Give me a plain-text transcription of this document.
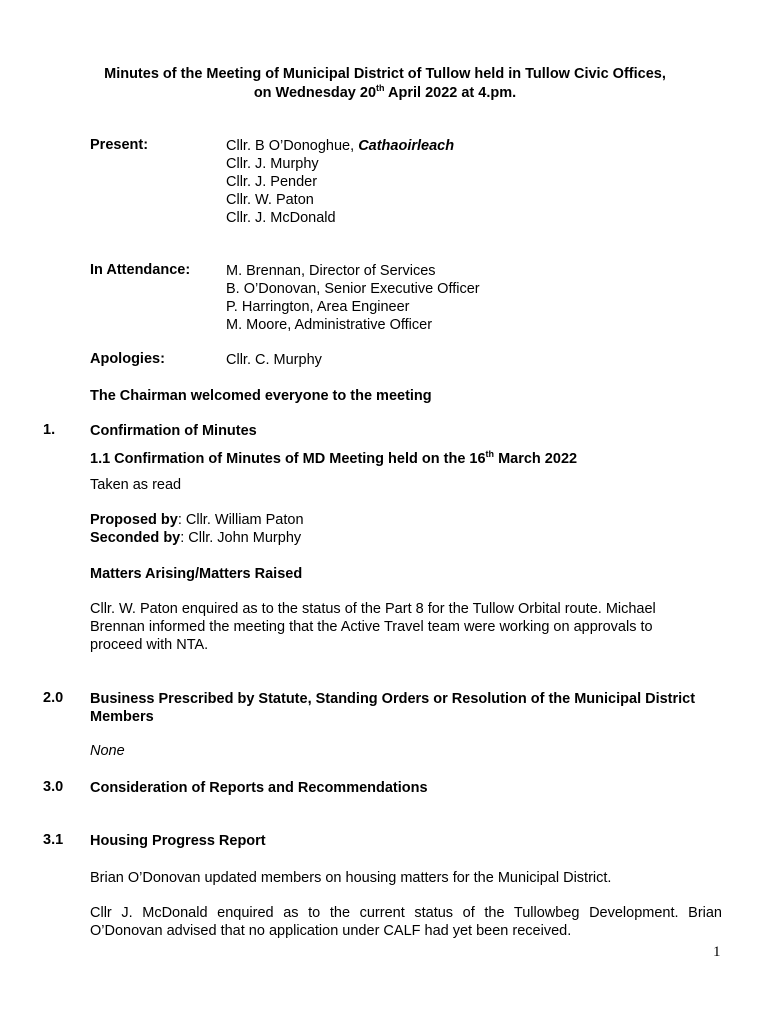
Minutes of the Meeting of Municipal District of Tullow held in Tullow Civic Offices,
on Wednesday 20th April 2022 at 4.pm.
Present:	Cllr. B O’Donoghue, Cathaoirleach
Cllr. J. Murphy
Cllr. J. Pender
Cllr. W. Paton
Cllr. J. McDonald
In Attendance: M. Brennan, Director of Services
B. O’Donovan, Senior Executive Officer
P. Harrington, Area Engineer
M. Moore, Administrative Officer
Apologies:	Cllr. C. Murphy
The Chairman welcomed everyone to the meeting
1. Confirmation of Minutes
1.1 Confirmation of Minutes of MD Meeting held on the 16th March 2022
Taken as read
Proposed by: Cllr. William Paton
Seconded by: Cllr. John Murphy
Matters Arising/Matters Raised
Cllr. W. Paton enquired as to the status of the Part 8 for the Tullow Orbital route. Michael
Brennan informed the meeting that the Active Travel team were working on approvals to
proceed with NTA.
2.0 Business Prescribed by Statute, Standing Orders or Resolution of the Municipal District
Members
None
3.0 Consideration of Reports and Recommendations
3.1 Housing Progress Report
Brian O’Donovan updated members on housing matters for the Municipal District.
Cllr J. McDonald enquired as to the current status of the Tullowbeg Development. Brian
O’Donovan advised that no application under CALF had yet been received.
1
